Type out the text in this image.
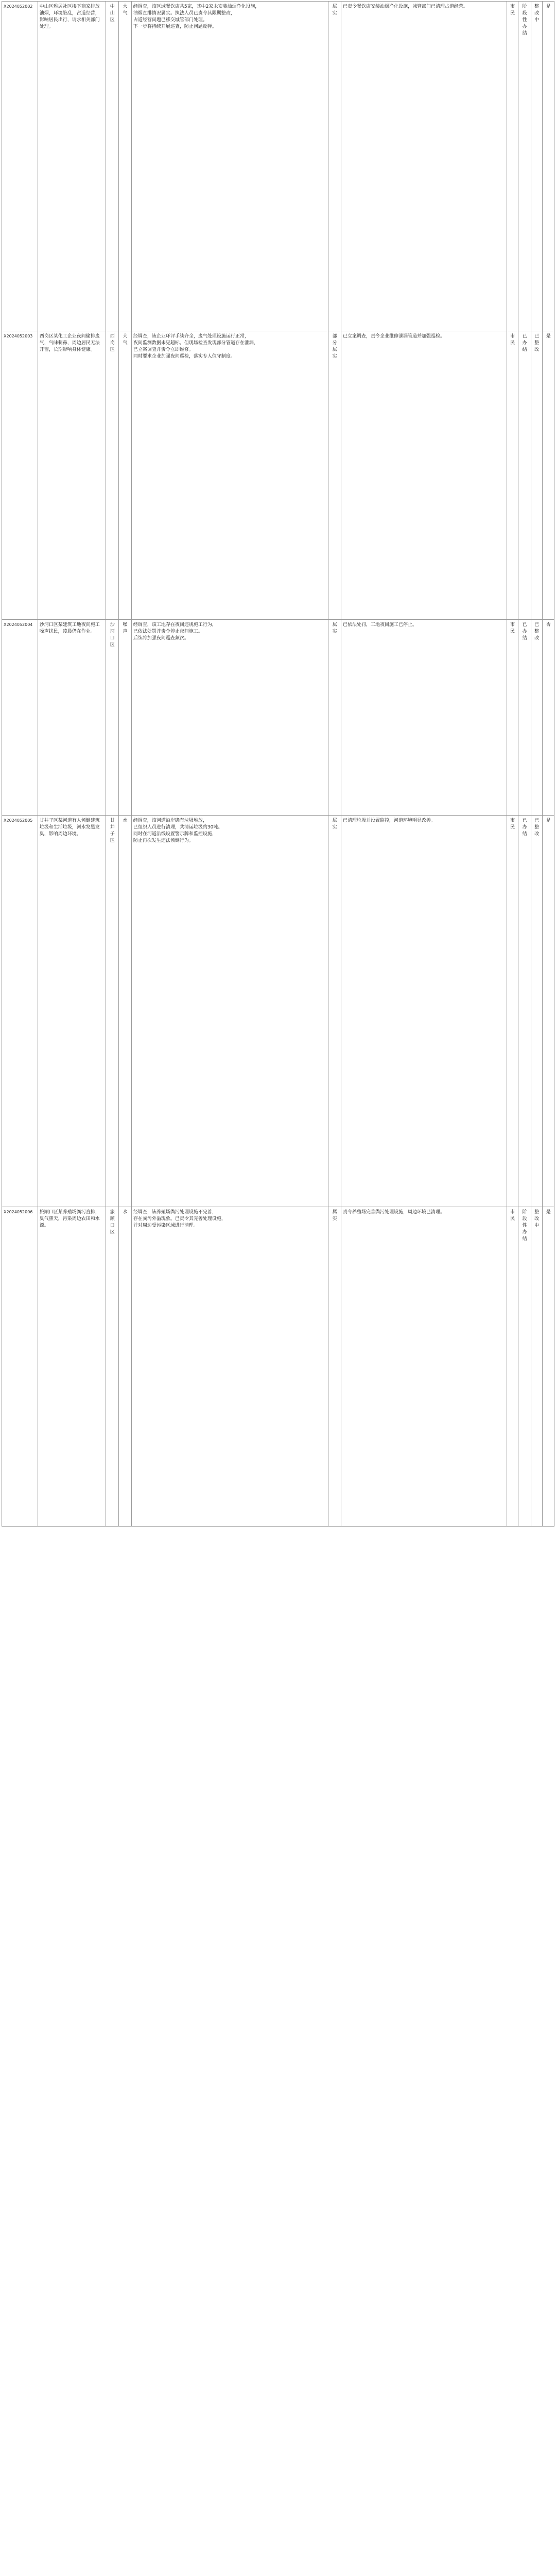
X2024052002	中山区雅居社区楼下商家排放油烟，环境脏乱，占道经营，影响居民出行，请求相关部门处理。	中山区	大气	经调查，该区域餐饮店共5家，其中2家未安装油烟净化设施，
油烟直排情况属实。执法人员已责令其限期整改，
占道经营问题已移交城管部门处理。
下一步将持续开展巡查，防止问题反弹。	属实	已责令餐饮店安装油烟净化设施，城管部门已清理占道经营。	市民	阶段性办结	整改中	是

X2024052003	西岗区某化工企业夜间偷排废气，气味刺鼻，周边居民无法开窗，长期影响身体健康。	西岗区	大气	经调查，该企业环评手续齐全，废气处理设施运行正常，
夜间监测数据未见超标。但现场检查发现部分管道存在泄漏，
已立案调查并责令立即维修。
同时要求企业加强夜间巡检，落实专人值守制度。	部分属实	已立案调查，责令企业维修泄漏管道并加强巡检。	市民	已办结	已整改	是

X2024052004	沙河口区某建筑工地夜间施工噪声扰民，凌晨仍在作业。	沙河口区	噪声	经调查，该工地存在夜间违规施工行为，
已依法处罚并责令停止夜间施工。
后续将加强夜间巡查频次。	属实	已依法处罚，工地夜间施工已停止。	市民	已办结	已整改	否

X2024052005	甘井子区某河道有人倾倒建筑垃圾和生活垃圾，河水发黑发臭，影响周边环境。	甘井子区	水	经调查，该河道沿岸确有垃圾堆放，
已组织人员进行清理，共清运垃圾约30吨。
同时在河道沿线设置警示牌和监控设施，
防止再次发生违法倾倒行为。	属实	已清理垃圾并设置监控，河道环境明显改善。	市民	已办结	已整改	是

X2024052006	旅顺口区某养殖场粪污直排，臭气熏天，污染周边农田和水源。	旅顺口区	水	经调查，该养殖场粪污处理设施不完善，
存在粪污外溢现象。已责令其完善处理设施，
并对周边受污染区域进行清理。	属实	责令养殖场完善粪污处理设施，周边环境已清理。	市民	阶段性办结	整改中	是
